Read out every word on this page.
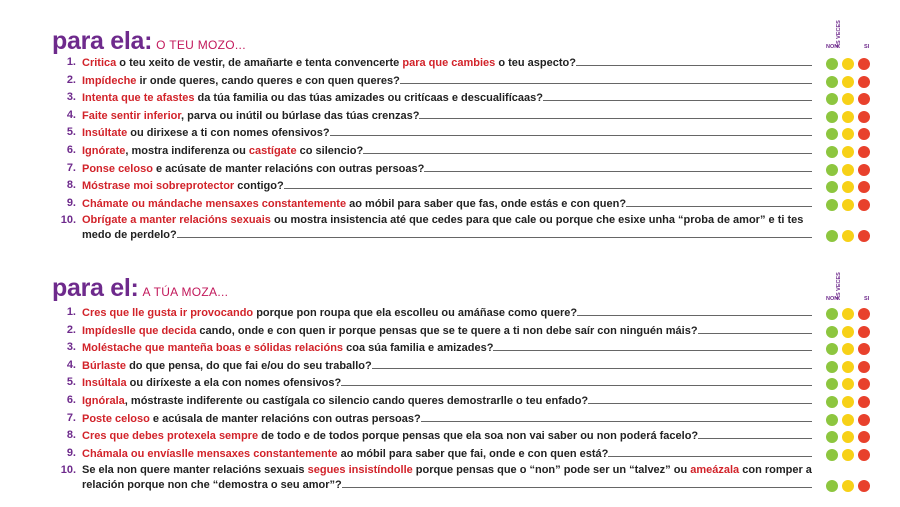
para ela: O TEU MOZO...	NON
ÁS VECES	SI
1. Critica o teu xeito de vestir, de amañarte e tenta convencerte para que cambies o teu aspecto?
2. Impídeche ir onde queres, cando queres e con quen queres?
3. Intenta que te afastes da túa familia ou das túas amizades ou critícaas e descualifícaas?
4. Faite sentir inferior, parva ou inútil ou búrlase das túas crenzas?
5. Insúltate ou dirixese a ti con nomes ofensivos?
6. Ignórate, mostra indiferenza ou castígate co silencio?
7. Ponse celoso e acúsate de manter relacións con outras persoas?
8. Móstrase moi sobreprotector contigo?
9. Chámate ou mándache mensaxes constantemente ao móbil para saber que fas, onde estás e con quen?
10. Obrígate a manter relacións sexuais ou mostra insistencia até que cedes para que cale ou porque che esixe unha “proba de amor” e ti tes medo de perdelo?
para el: A TÚA MOZA...	NON
ÁS VECES	SI
1. Cres que lle gusta ir provocando porque pon roupa que ela escolleu ou amáñase como quere?
2. Impídeslle que decida cando, onde e con quen ir porque pensas que se te quere a ti non debe saír con ninguén máis?
3. Moléstache que manteña boas e sólidas relacións coa súa familia e amizades?
4. Búrlaste do que pensa, do que fai e/ou do seu traballo?
5. Insúltala ou diríxeste a ela con nomes ofensivos?
6. Ignórala, móstraste indiferente ou castígala co silencio cando queres demostrarlle o teu enfado?
7. Poste celoso e acúsala de manter relacións con outras persoas?
8. Cres que debes protexela sempre de todo e de todos porque pensas que ela soa non vai saber ou non poderá facelo?
9. Chámala ou envíaslle mensaxes constantemente ao móbil para saber que fai, onde e con quen está?
10. Se ela non quere manter relacións sexuais segues insistíndolle porque pensas que o “non” pode ser un “talvez” ou ameázala con romper a relación porque non che “demostra o seu amor”?
